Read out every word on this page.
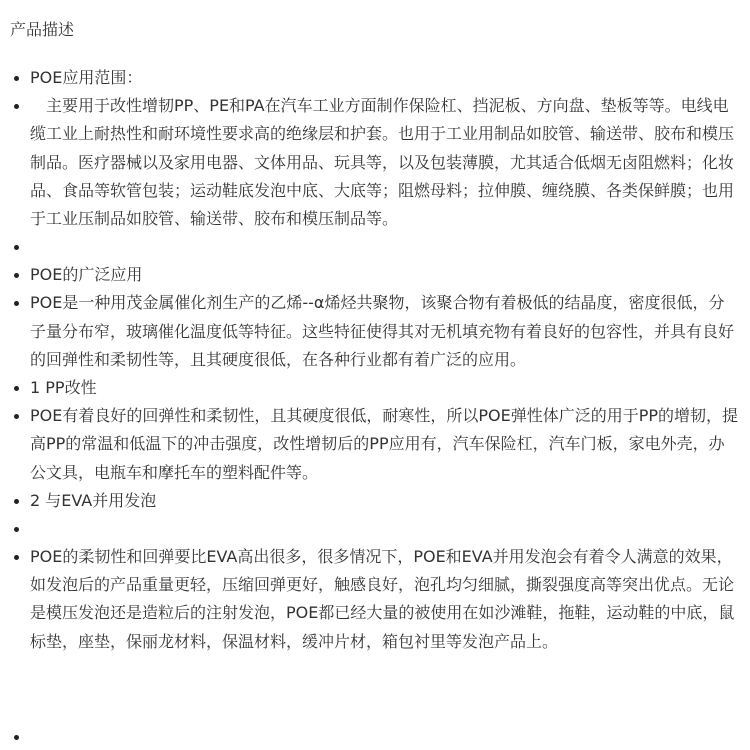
产品描述
POE应用范围：
主要用于改性增韧PP、PE和PA在汽车工业方面制作保险杠、挡泥板、方向盘、垫板等等。电线电缆工业上耐热性和耐环境性要求高的绝缘层和护套。也用于工业用制品如胶管、输送带、胶布和模压制品。医疗器械以及家用电器、文体用品、玩具等，以及包装薄膜，尤其适合低烟无卤阻燃料；化妆品、食品等软管包装；运动鞋底发泡中底、大底等；阻燃母料；拉伸膜、缠绕膜、各类保鲜膜；也用于工业压制品如胶管、输送带、胶布和模压制品等。
POE的广泛应用
POE是一种用茂金属催化剂生产的乙烯--α烯烃共聚物，该聚合物有着极低的结晶度，密度很低，分子量分布窄，玻璃催化温度低等特征。这些特征使得其对无机填充物有着良好的包容性，并具有良好的回弹性和柔韧性等，且其硬度很低，在各种行业都有着广泛的应用。
1 PP改性
POE有着良好的回弹性和柔韧性，且其硬度很低，耐寒性，所以POE弹性体广泛的用于PP的增韧，提高PP的常温和低温下的冲击强度，改性增韧后的PP应用有，汽车保险杠，汽车门板，家电外壳，办公文具，电瓶车和摩托车的塑料配件等。
2 与EVA并用发泡
POE的柔韧性和回弹要比EVA高出很多，很多情况下，POE和EVA并用发泡会有着令人满意的效果，如发泡后的产品重量更轻，压缩回弹更好，触感良好，泡孔均匀细腻，撕裂强度高等突出优点。无论是模压发泡还是造粒后的注射发泡，POE都已经大量的被使用在如沙滩鞋，拖鞋，运动鞋的中底，鼠标垫，座垫，保丽龙材料，保温材料，缓冲片材，箱包衬里等发泡产品上。
